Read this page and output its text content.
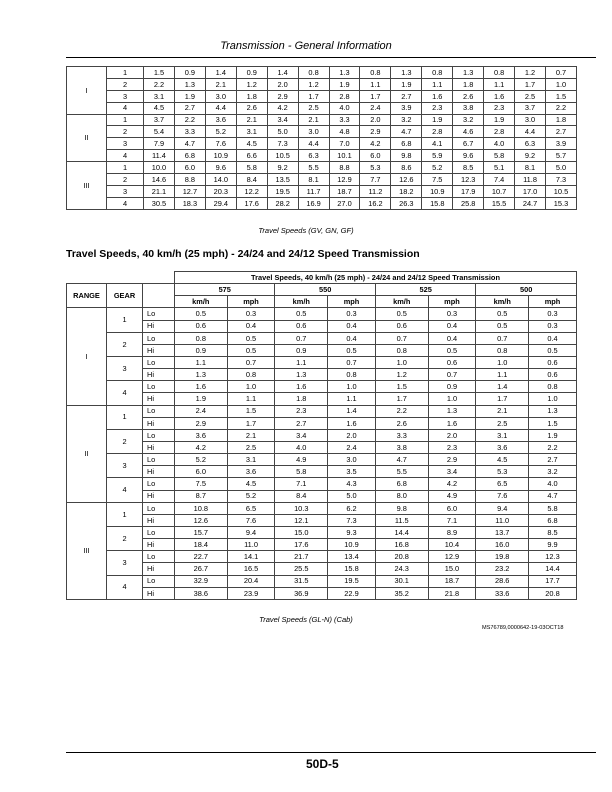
Transmission - General Information
I	1	1.5	0.9	1.4	0.9	1.4	0.8	1.3	0.8	1.3	0.8	1.3	0.8	1.2	0.7
	2	2.2	1.3	2.1	1.2	2.0	1.2	1.9	1.1	1.9	1.1	1.8	1.1	1.7	1.0
	3	3.1	1.9	3.0	1.8	2.9	1.7	2.8	1.7	2.7	1.6	2.6	1.6	2.5	1.5
	4	4.5	2.7	4.4	2.6	4.2	2.5	4.0	2.4	3.9	2.3	3.8	2.3	3.7	2.2
II	1	3.7	2.2	3.6	2.1	3.4	2.1	3.3	2.0	3.2	1.9	3.2	1.9	3.0	1.8
	2	5.4	3.3	5.2	3.1	5.0	3.0	4.8	2.9	4.7	2.8	4.6	2.8	4.4	2.7
	3	7.9	4.7	7.6	4.5	7.3	4.4	7.0	4.2	6.8	4.1	6.7	4.0	6.3	3.9
	4	11.4	6.8	10.9	6.6	10.5	6.3	10.1	6.0	9.8	5.9	9.6	5.8	9.2	5.7
III	1	10.0	6.0	9.6	5.8	9.2	5.5	8.8	5.3	8.6	5.2	8.5	5.1	8.1	5.0
	2	14.6	8.8	14.0	8.4	13.5	8.1	12.9	7.7	12.6	7.5	12.3	7.4	11.8	7.3
	3	21.1	12.7	20.3	12.2	19.5	11.7	18.7	11.2	18.2	10.9	17.9	10.7	17.0	10.5
	4	30.5	18.3	29.4	17.6	28.2	16.9	27.0	16.2	26.3	15.8	25.8	15.5	24.7	15.3
Travel Speeds (GV, GN, GF)
Travel Speeds, 40 km/h (25 mph) - 24/24 and 24/12 Speed Transmission
			Travel Speeds, 40 km/h (25 mph) - 24/24 and 24/12 Speed Transmission							
RANGE	GEAR		575		550		525		500	
			km/h	mph	km/h	mph	km/h	mph	km/h	mph
I	1	Lo	0.5	0.3	0.5	0.3	0.5	0.3	0.5	0.3
		Hi	0.6	0.4	0.6	0.4	0.6	0.4	0.5	0.3
	2	Lo	0.8	0.5	0.7	0.4	0.7	0.4	0.7	0.4
		Hi	0.9	0.5	0.9	0.5	0.8	0.5	0.8	0.5
	3	Lo	1.1	0.7	1.1	0.7	1.0	0.6	1.0	0.6
		Hi	1.3	0.8	1.3	0.8	1.2	0.7	1.1	0.6
	4	Lo	1.6	1.0	1.6	1.0	1.5	0.9	1.4	0.8
		Hi	1.9	1.1	1.8	1.1	1.7	1.0	1.7	1.0
II	1	Lo	2.4	1.5	2.3	1.4	2.2	1.3	2.1	1.3
		Hi	2.9	1.7	2.7	1.6	2.6	1.6	2.5	1.5
	2	Lo	3.6	2.1	3.4	2.0	3.3	2.0	3.1	1.9
		Hi	4.2	2.5	4.0	2.4	3.8	2.3	3.6	2.2
	3	Lo	5.2	3.1	4.9	3.0	4.7	2.9	4.5	2.7
		Hi	6.0	3.6	5.8	3.5	5.5	3.4	5.3	3.2
	4	Lo	7.5	4.5	7.1	4.3	6.8	4.2	6.5	4.0
		Hi	8.7	5.2	8.4	5.0	8.0	4.9	7.6	4.7
III	1	Lo	10.8	6.5	10.3	6.2	9.8	6.0	9.4	5.8
		Hi	12.6	7.6	12.1	7.3	11.5	7.1	11.0	6.8
	2	Lo	15.7	9.4	15.0	9.3	14.4	8.9	13.7	8.5
		Hi	18.4	11.0	17.6	10.9	16.8	10.4	16.0	9.9
	3	Lo	22.7	14.1	21.7	13.4	20.8	12.9	19.8	12.3
		Hi	26.7	16.5	25.5	15.8	24.3	15.0	23.2	14.4
	4	Lo	32.9	20.4	31.5	19.5	30.1	18.7	28.6	17.7
		Hi	38.6	23.9	36.9	22.9	35.2	21.8	33.6	20.8
Travel Speeds (GL-N) (Cab)
MS76789,0000642-19-03OCT18
50D-5
